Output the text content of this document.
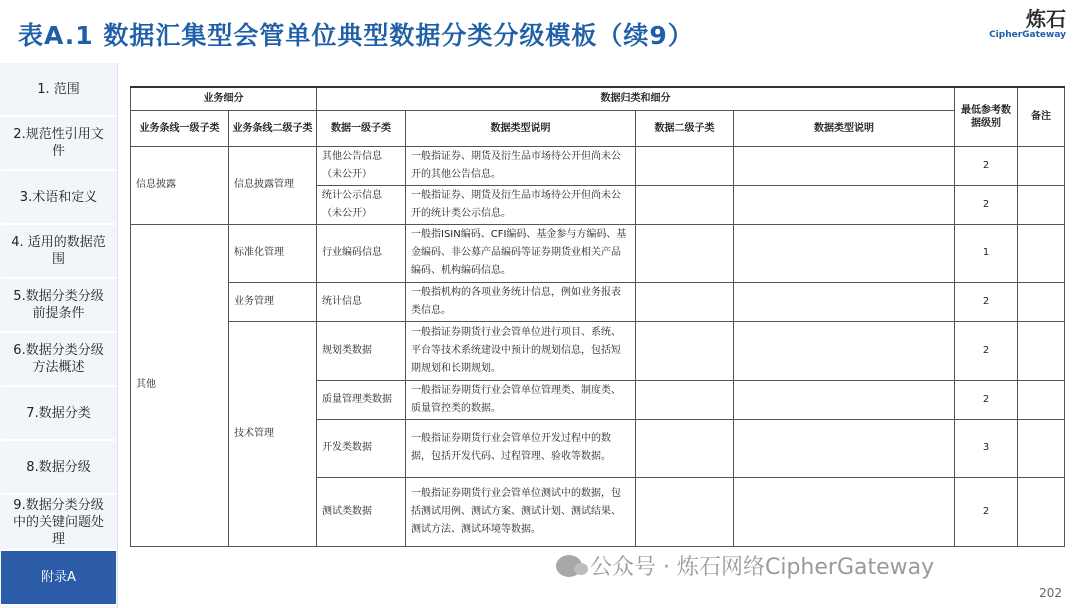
表A.1 数据汇集型会管单位典型数据分类分级模板（续9）
炼石
CipherGateway
1. 范围
2.规范性引用文件
3.术语和定义
4. 适用的数据范围
5.数据分类分级前提条件
6.数据分类分级方法概述
7.数据分类
8.数据分级
9.数据分类分级中的关键问题处理
附录A
业务细分		数据归类和细分				最低参考数据级别	备注
业务条线一级子类	业务条线二级子类	数据一级子类	数据类型说明	数据二级子类	数据类型说明		
信息披露	信息披露管理	其他公告信息（未公开）	一般指证券、期货及衍生品市场待公开但尚未公开的其他公告信息。			2	
		统计公示信息（未公开）	一般指证券、期货及衍生品市场待公开但尚未公开的统计类公示信息。			2	
其他	标准化管理	行业编码信息	一般指ISIN编码、CFI编码、基金参与方编码、基金编码、非公募产品编码等证券期货业相关产品编码、机构编码信息。			1	
	业务管理	统计信息	一般指机构的各项业务统计信息，例如业务报表类信息。			2	
	技术管理	规划类数据	一般指证券期货行业会管单位进行项目、系统、平台等技术系统建设中预计的规划信息，包括短期规划和长期规划。			2	
		质量管理类数据	一般指证券期货行业会管单位管理类、制度类、质量管控类的数据。			2	
		开发类数据	一般指证券期货行业会管单位开发过程中的数据，包括开发代码、过程管理、验收等数据。			3	
		测试类数据	一般指证券期货行业会管单位测试中的数据，包括测试用例、测试方案、测试计划、测试结果、测试方法、测试环境等数据。			2	
公众号 · 炼石网络CipherGateway
202
